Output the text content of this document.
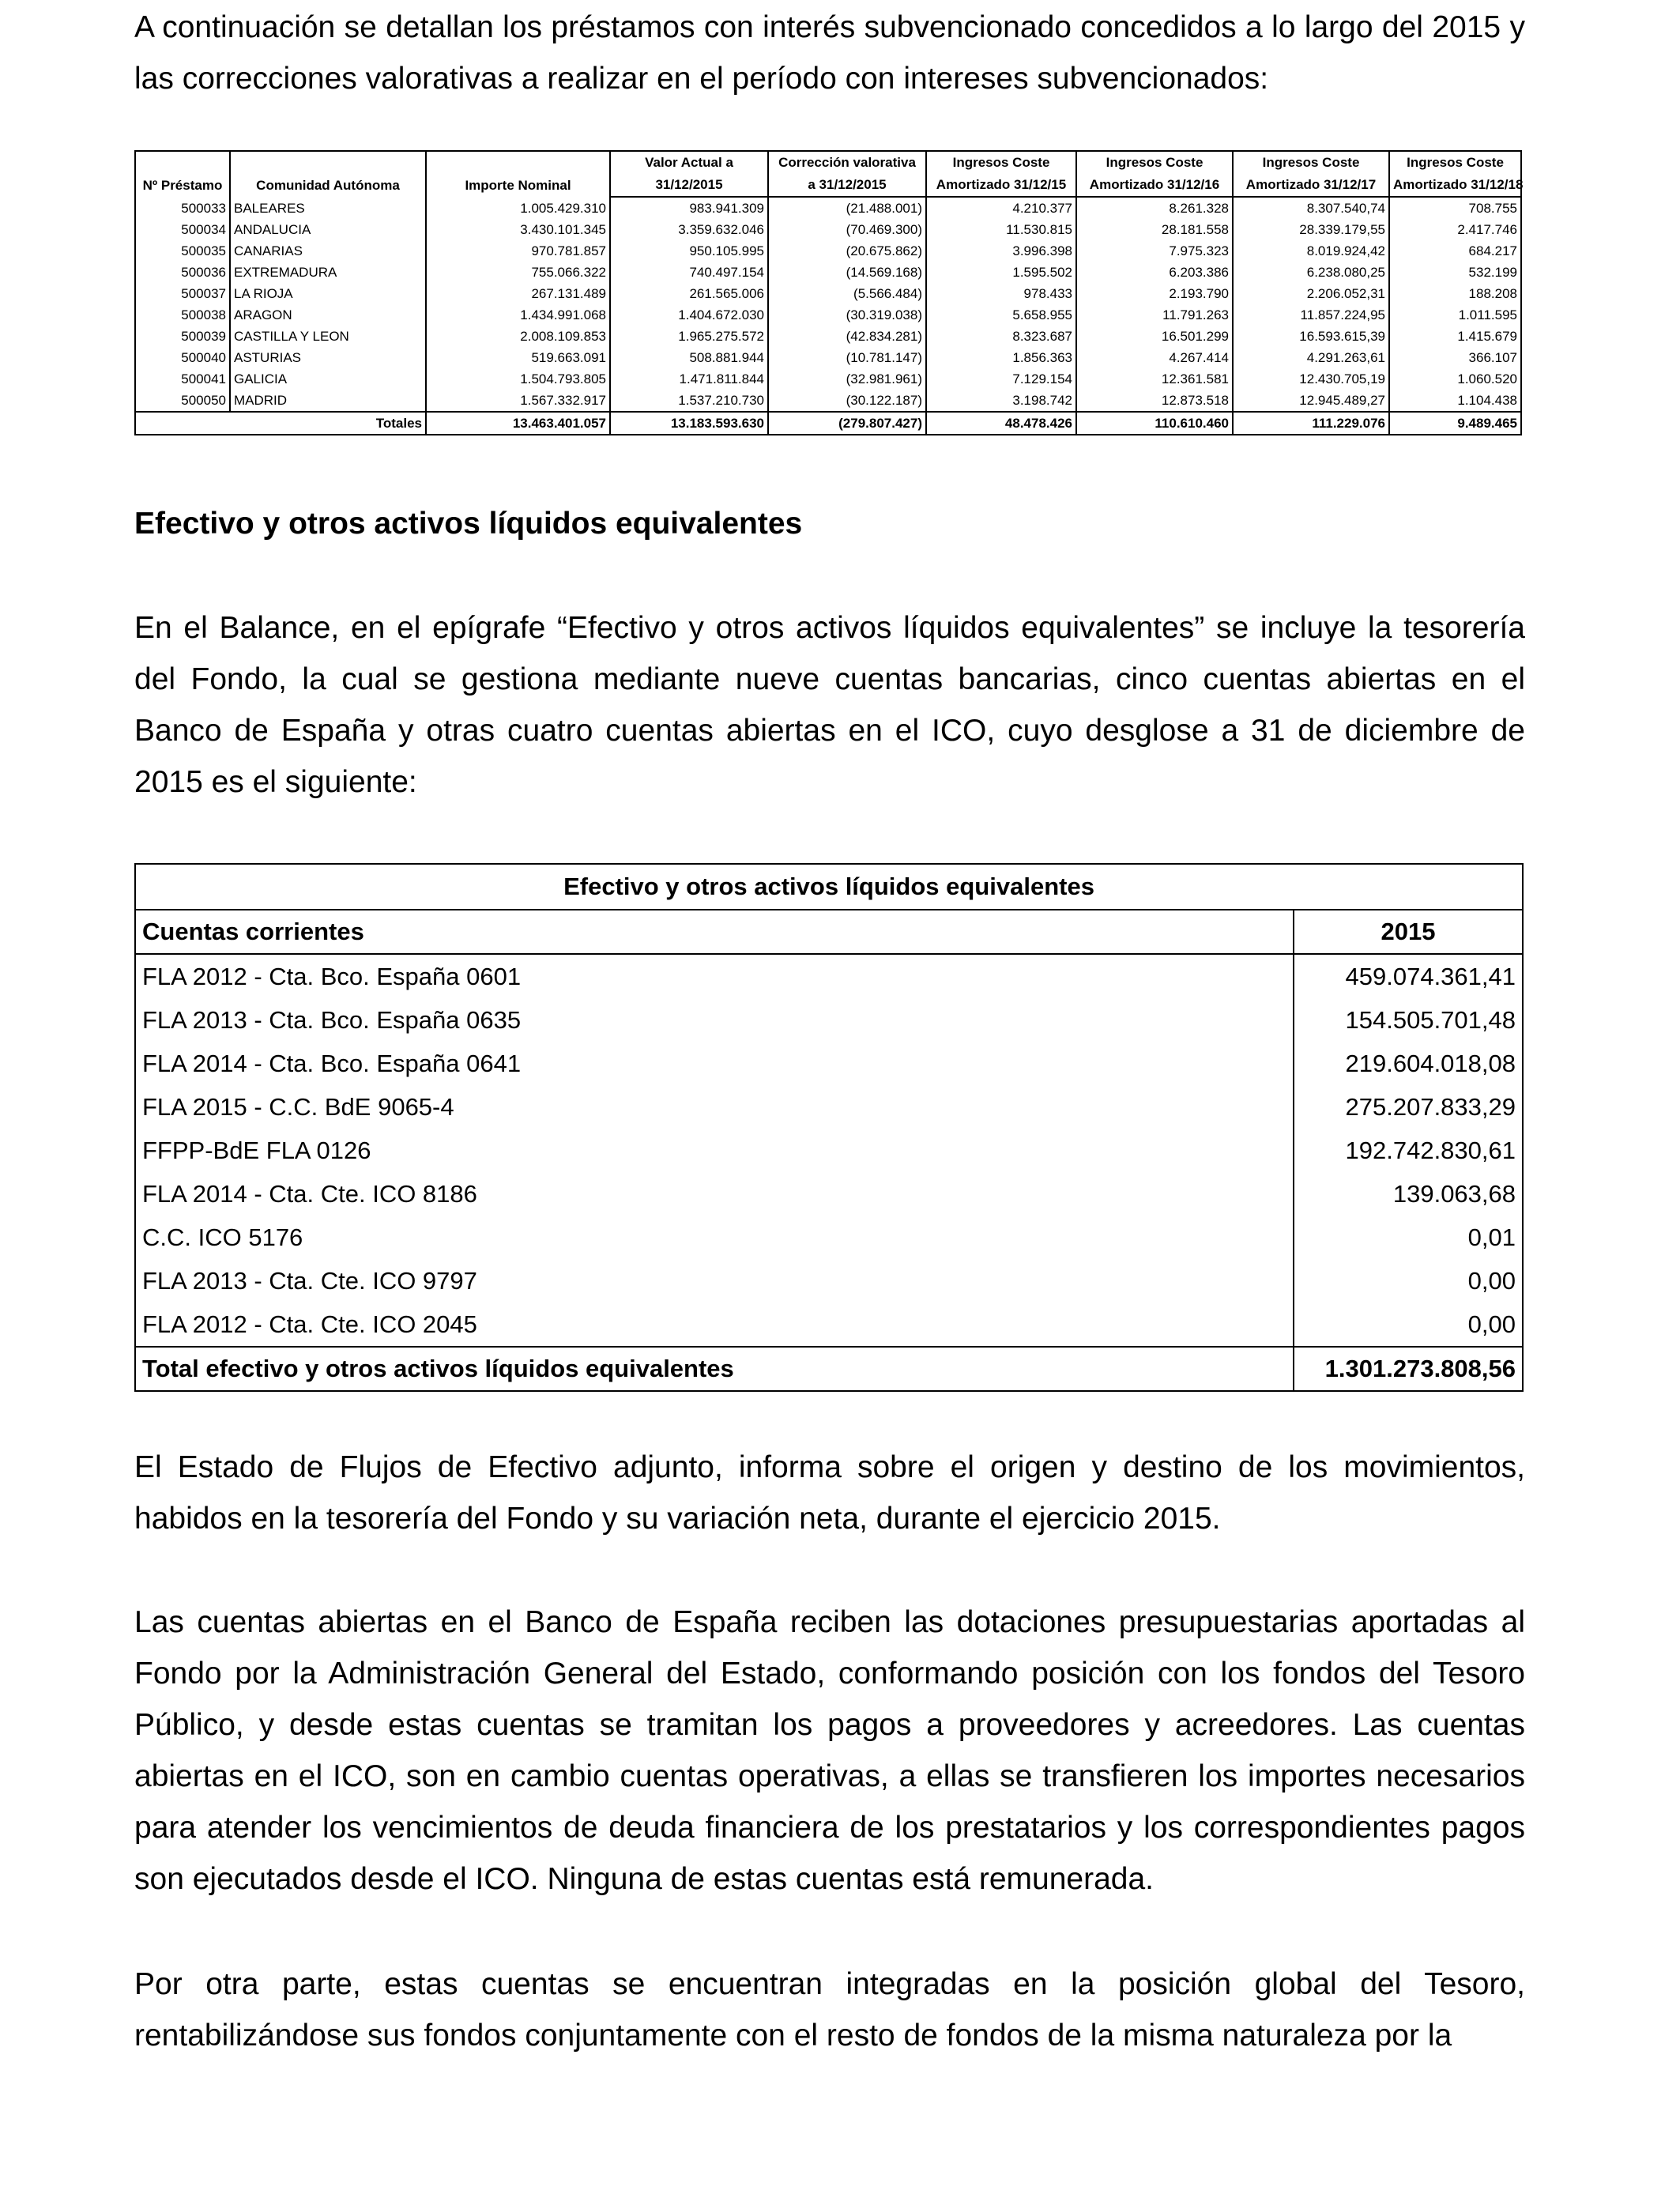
A continuación se detallan los préstamos con interés subvencionado concedidos a lo largo del 2015 y las correcciones valorativas a realizar en el período con intereses subvencionados:

Nº Préstamo	Comunidad Autónoma	Importe Nominal	Valor Actual a	Corrección valorativa	Ingresos Coste	Ingresos Coste	Ingresos Coste	Ingresos Coste
			31/12/2015	a 31/12/2015	Amortizado 31/12/15	Amortizado 31/12/16	Amortizado 31/12/17	Amortizado 31/12/18
500033	BALEARES	1.005.429.310	983.941.309	(21.488.001)	4.210.377	8.261.328	8.307.540,74	708.755
500034	ANDALUCIA	3.430.101.345	3.359.632.046	(70.469.300)	11.530.815	28.181.558	28.339.179,55	2.417.746
500035	CANARIAS	970.781.857	950.105.995	(20.675.862)	3.996.398	7.975.323	8.019.924,42	684.217
500036	EXTREMADURA	755.066.322	740.497.154	(14.569.168)	1.595.502	6.203.386	6.238.080,25	532.199
500037	LA RIOJA	267.131.489	261.565.006	(5.566.484)	978.433	2.193.790	2.206.052,31	188.208
500038	ARAGON	1.434.991.068	1.404.672.030	(30.319.038)	5.658.955	11.791.263	11.857.224,95	1.011.595
500039	CASTILLA Y LEON	2.008.109.853	1.965.275.572	(42.834.281)	8.323.687	16.501.299	16.593.615,39	1.415.679
500040	ASTURIAS	519.663.091	508.881.944	(10.781.147)	1.856.363	4.267.414	4.291.263,61	366.107
500041	GALICIA	1.504.793.805	1.471.811.844	(32.981.961)	7.129.154	12.361.581	12.430.705,19	1.060.520
500050	MADRID	1.567.332.917	1.537.210.730	(30.122.187)	3.198.742	12.873.518	12.945.489,27	1.104.438
Totales		13.463.401.057	13.183.593.630	(279.807.427)	48.478.426	110.610.460	111.229.076	9.489.465
Efectivo y otros activos líquidos equivalentes

En el Balance, en el epígrafe “Efectivo y otros activos líquidos equivalentes” se incluye la tesorería del Fondo, la cual se gestiona mediante nueve cuentas bancarias, cinco cuentas abiertas en el Banco de España y otras cuatro cuentas abiertas en el ICO, cuyo desglose a 31 de diciembre de 2015 es el siguiente:

Efectivo y otros activos líquidos equivalentes	
Cuentas corrientes	2015
FLA 2012 - Cta. Bco. España 0601	459.074.361,41
FLA 2013 - Cta. Bco. España 0635	154.505.701,48
FLA 2014 - Cta. Bco. España 0641	219.604.018,08
FLA 2015 - C.C. BdE 9065-4	275.207.833,29
FFPP-BdE FLA 0126	192.742.830,61
FLA 2014 - Cta. Cte. ICO 8186	139.063,68
C.C. ICO 5176	0,01
FLA 2013 - Cta. Cte. ICO 9797	0,00
FLA 2012 - Cta. Cte. ICO 2045	0,00
Total efectivo y otros activos líquidos equivalentes	1.301.273.808,56

El Estado de Flujos de Efectivo adjunto, informa sobre el origen y destino de los movimientos, habidos en la tesorería del Fondo y su variación neta, durante el ejercicio 2015.

Las cuentas abiertas en el Banco de España reciben las dotaciones presupuestarias aportadas al Fondo por la Administración General del Estado, conformando posición con los fondos del Tesoro Público, y desde estas cuentas se tramitan los pagos a proveedores y acreedores. Las cuentas abiertas en el ICO, son en cambio cuentas operativas, a ellas se transfieren los importes necesarios para atender los vencimientos de deuda financiera de los prestatarios y los correspondientes pagos son ejecutados desde el ICO. Ninguna de estas cuentas está remunerada.

Por otra parte, estas cuentas se encuentran integradas en la posición global del Tesoro, rentabilizándose sus fondos conjuntamente con el resto de fondos de la misma naturaleza por la
